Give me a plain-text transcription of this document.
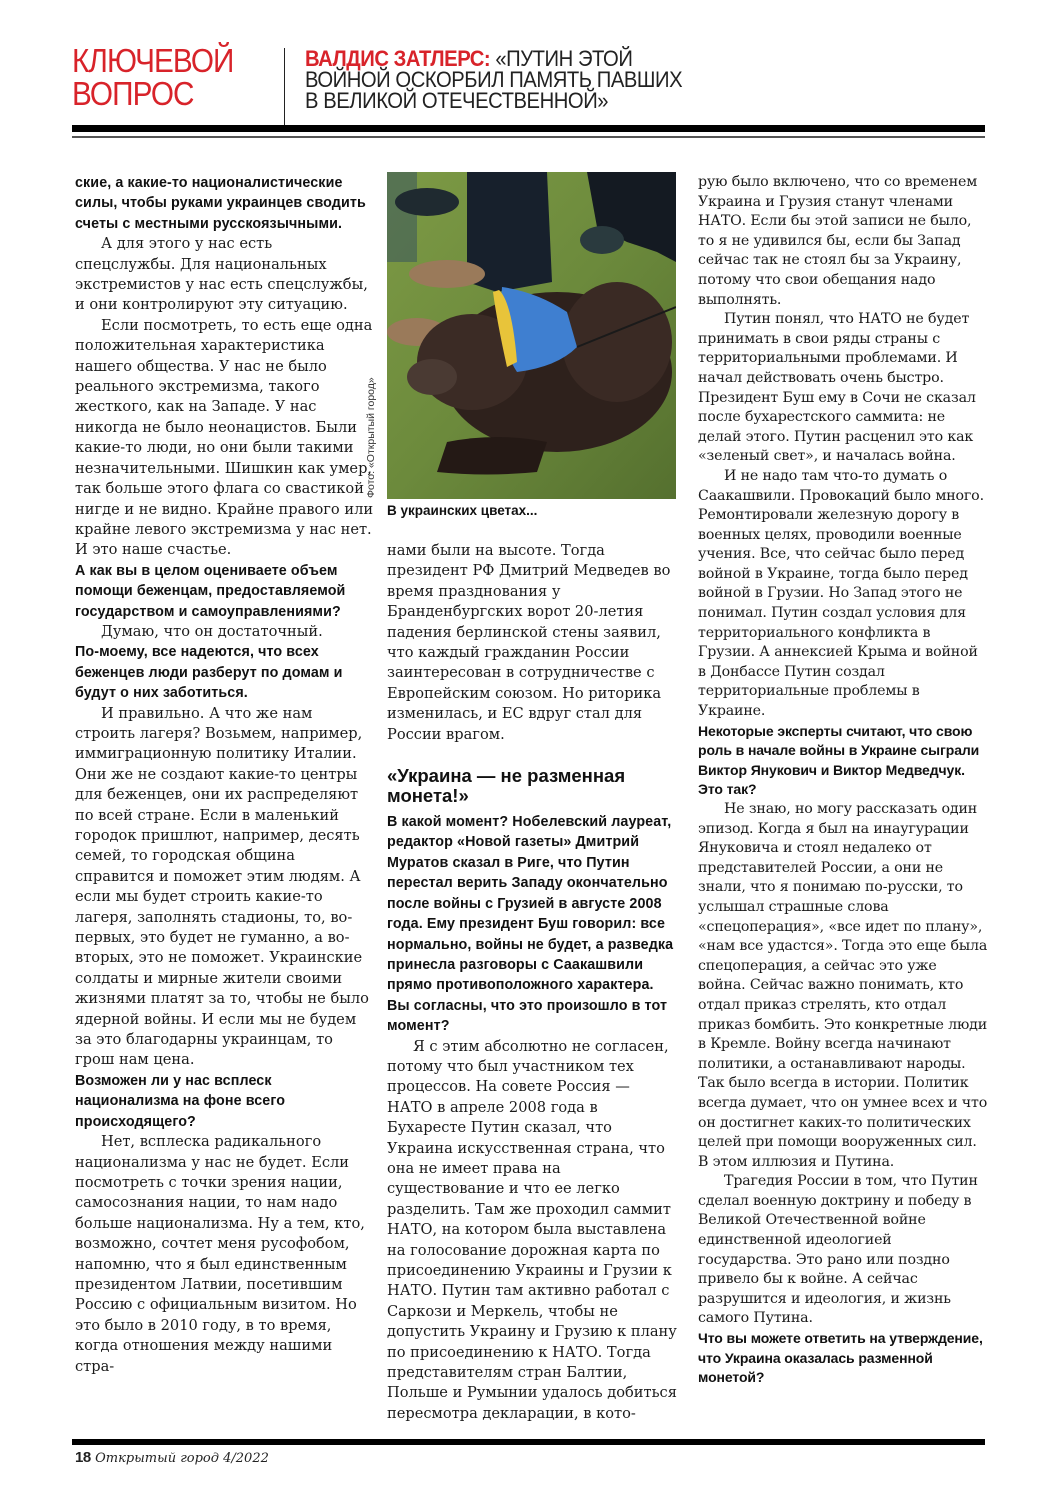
КЛЮЧЕВОЙ
ВОПРОС
ВАЛДИС ЗАТЛЕРС: «ПУТИН ЭТОЙ
ВОЙНОЙ ОСКОРБИЛ ПАМЯТЬ ПАВШИХ
В ВЕЛИКОЙ ОТЕЧЕСТВЕННОЙ»

ские, а какие-то националистические силы, чтобы руками украинцев сводить счеты с местными русскоязычными.

А для этого у нас есть спецслужбы. Для национальных экстремистов у нас есть спецслужбы, и они контролируют эту ситуацию.

Если посмотреть, то есть еще одна положительная характеристика нашего общества. У нас не было реального экстремизма, такого жесткого, как на Западе. У нас никогда не было неонацистов. Были какие-то люди, но они были такими незначительными. Шишкин как умер, так больше этого флага со свастикой нигде и не видно. Крайне правого или крайне левого экстремизма у нас нет. И это наше счастье.

А как вы в целом оцениваете объем помощи беженцам, предоставляемой государством и самоуправлениями?

Думаю, что он достаточный.

По-моему, все надеются, что всех беженцев люди разберут по домам и будут о них заботиться.

И правильно. А что же нам строить лагеря? Возьмем, например, иммиграционную политику Италии. Они же не создают какие-то центры для беженцев, они их распределяют по всей стране. Если в маленький городок пришлют, например, десять семей, то городская община справится и поможет этим людям. А если мы будет строить какие-то лагеря, заполнять стадионы, то, во-первых, это будет не гуманно, а во-вторых, это не поможет. Украинские солдаты и мирные жители своими жизнями платят за то, чтобы не было ядерной войны. И если мы не будем за это благодарны украинцам, то грош нам цена.

Возможен ли у нас всплеск национализма на фоне всего происходящего?

Нет, всплеска радикального национализма у нас не будет. Если посмотреть с точки зрения нации, самосознания нации, то нам надо больше национализма. Ну а тем, кто, возможно, сочтет меня русофобом, напомню, что я был единственным президентом Латвии, посетившим Россию с официальным визитом. Но это было в 2010 году, в то время, когда отношения между нашими стра-

Фото: «Открытый город»
В украинских цветах...

нами были на высоте. Тогда президент РФ Дмитрий Медведев во время празднования у Бранденбургских ворот 20-летия падения берлинской стены заявил, что каждый гражданин России заинтересован в сотрудничестве с Европейским союзом. Но риторика изменилась, и ЕС вдруг стал для России врагом.

«Украина — не разменная монета!»

В какой момент? Нобелевский лауреат, редактор «Новой газеты» Дмитрий Муратов сказал в Риге, что Путин перестал верить Западу окончательно после войны с Грузией в августе 2008 года. Ему президент Буш говорил: все нормально, войны не будет, а разведка принесла разговоры с Саакашвили прямо противоположного характера. Вы согласны, что это произошло в тот момент?

Я с этим абсолютно не согласен, потому что был участником тех процессов. На совете Россия — НАТО в апреле 2008 года в Бухаресте Путин сказал, что Украина искусственная страна, что она не имеет права на существование и что ее легко разделить. Там же проходил саммит НАТО, на котором была выставлена на голосование дорожная карта по присоединению Украины и Грузии к НАТО. Путин там активно работал с Саркози и Меркель, чтобы не допустить Украину и Грузию к плану по присоединению к НАТО. Тогда представителям стран Балтии, Польше и Румынии удалось добиться пересмотра декларации, в кото-

рую было включено, что со временем Украина и Грузия станут членами НАТО. Если бы этой записи не было, то я не удивился бы, если бы Запад сейчас так не стоял бы за Украину, потому что свои обещания надо выполнять.

Путин понял, что НАТО не будет принимать в свои ряды страны с территориальными проблемами. И начал действовать очень быстро. Президент Буш ему в Сочи не сказал после бухарестского саммита: не делай этого. Путин расценил это как «зеленый свет», и началась война.

И не надо там что-то думать о Саакашвили. Провокаций было много. Ремонтировали железную дорогу в военных целях, проводили военные учения. Все, что сейчас было перед войной в Украине, тогда было перед войной в Грузии. Но Запад этого не понимал. Путин создал условия для территориального конфликта в Грузии. А аннексией Крыма и войной в Донбассе Путин создал территориальные проблемы в Украине.

Некоторые эксперты считают, что свою роль в начале войны в Украине сыграли Виктор Янукович и Виктор Медведчук. Это так?

Не знаю, но могу рассказать один эпизод. Когда я был на инаугурации Януковича и стоял недалеко от представителей России, а они не знали, что я понимаю по-русски, то услышал страшные слова «спецоперация», «все идет по плану», «нам все удастся». Тогда это еще была спецоперация, а сейчас это уже война. Сейчас важно понимать, кто отдал приказ стрелять, кто отдал приказ бомбить. Это конкретные люди в Кремле. Войну всегда начинают политики, а останавливают народы. Так было всегда в истории. Политик всегда думает, что он умнее всех и что он достигнет каких-то политических целей при помощи вооруженных сил. В этом иллюзия и Путина.

Трагедия России в том, что Путин сделал военную доктрину и победу в Великой Отечественной войне единственной идеологией государства. Это рано или поздно привело бы к войне. А сейчас разрушится и идеология, и жизнь самого Путина.

Что вы можете ответить на утверждение, что Украина оказалась разменной монетой?

18 Открытый город 4/2022
